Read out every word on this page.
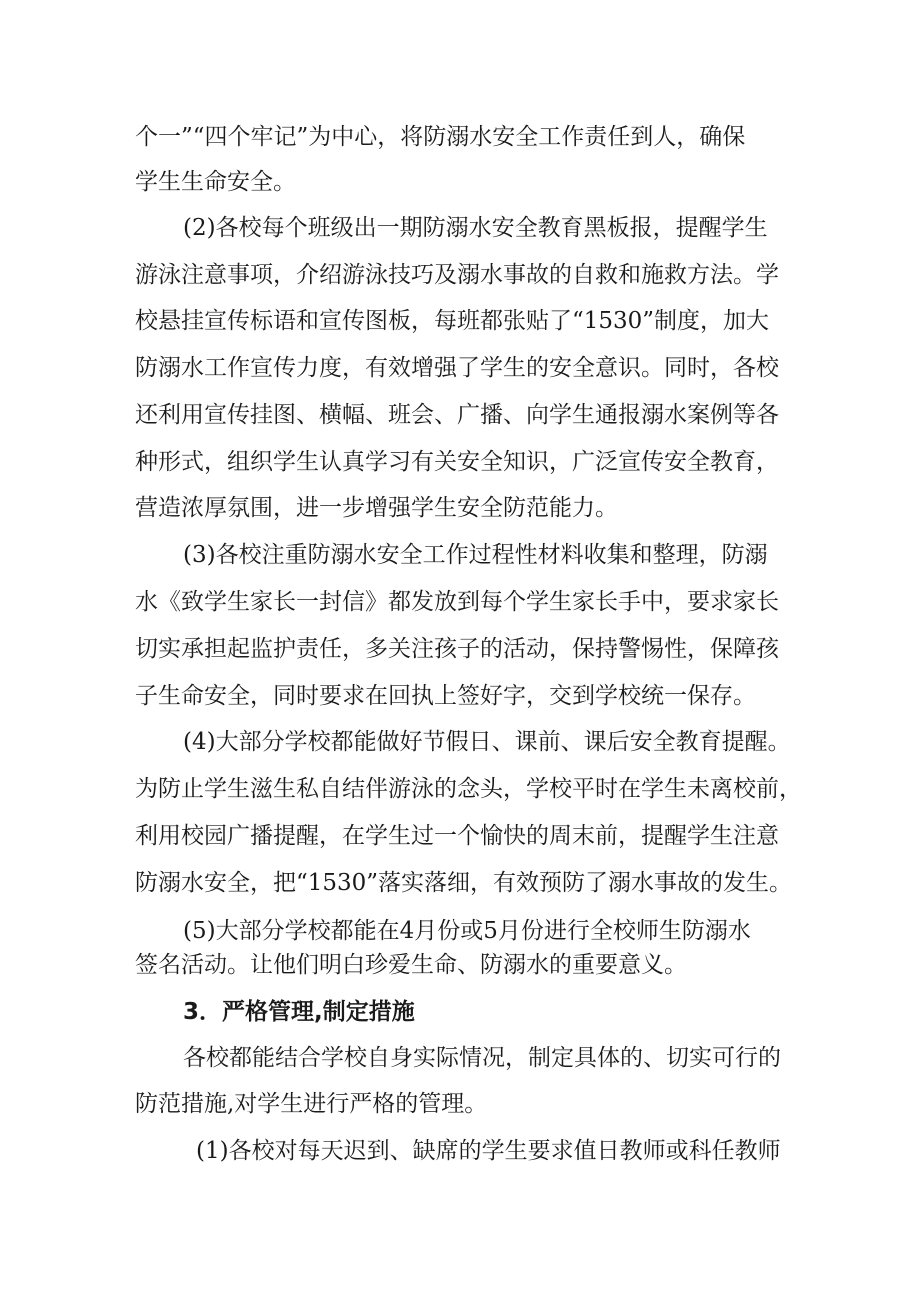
个一”“四个牢记”为中心，将防溺水安全工作责任到人，确保
学生生命安全。
(2)各校每个班级出一期防溺水安全教育黑板报，提醒学生
游泳注意事项，介绍游泳技巧及溺水事故的自救和施救方法。学
校悬挂宣传标语和宣传图板，每班都张贴了“1530”制度，加大
防溺水工作宣传力度，有效增强了学生的安全意识。同时，各校
还利用宣传挂图、横幅、班会、广播、向学生通报溺水案例等各
种形式，组织学生认真学习有关安全知识，广泛宣传安全教育，
营造浓厚氛围，进一步增强学生安全防范能力。
(3)各校注重防溺水安全工作过程性材料收集和整理，防溺
水《致学生家长一封信》都发放到每个学生家长手中，要求家长
切实承担起监护责任，多关注孩子的活动，保持警惕性，保障孩
子生命安全，同时要求在回执上签好字，交到学校统一保存。
(4)大部分学校都能做好节假日、课前、课后安全教育提醒。
为防止学生滋生私自结伴游泳的念头，学校平时在学生未离校前，
利用校园广播提醒，在学生过一个愉快的周末前，提醒学生注意
防溺水安全，把“1530”落实落细，有效预防了溺水事故的发生。
(5)大部分学校都能在4月份或5月份进行全校师生防溺水
签名活动。让他们明白珍爱生命、防溺水的重要意义。
3．严格管理,制定措施
各校都能结合学校自身实际情况，制定具体的、切实可行的
防范措施,对学生进行严格的管理。
(1)各校对每天迟到、缺席的学生要求值日教师或科任教师
